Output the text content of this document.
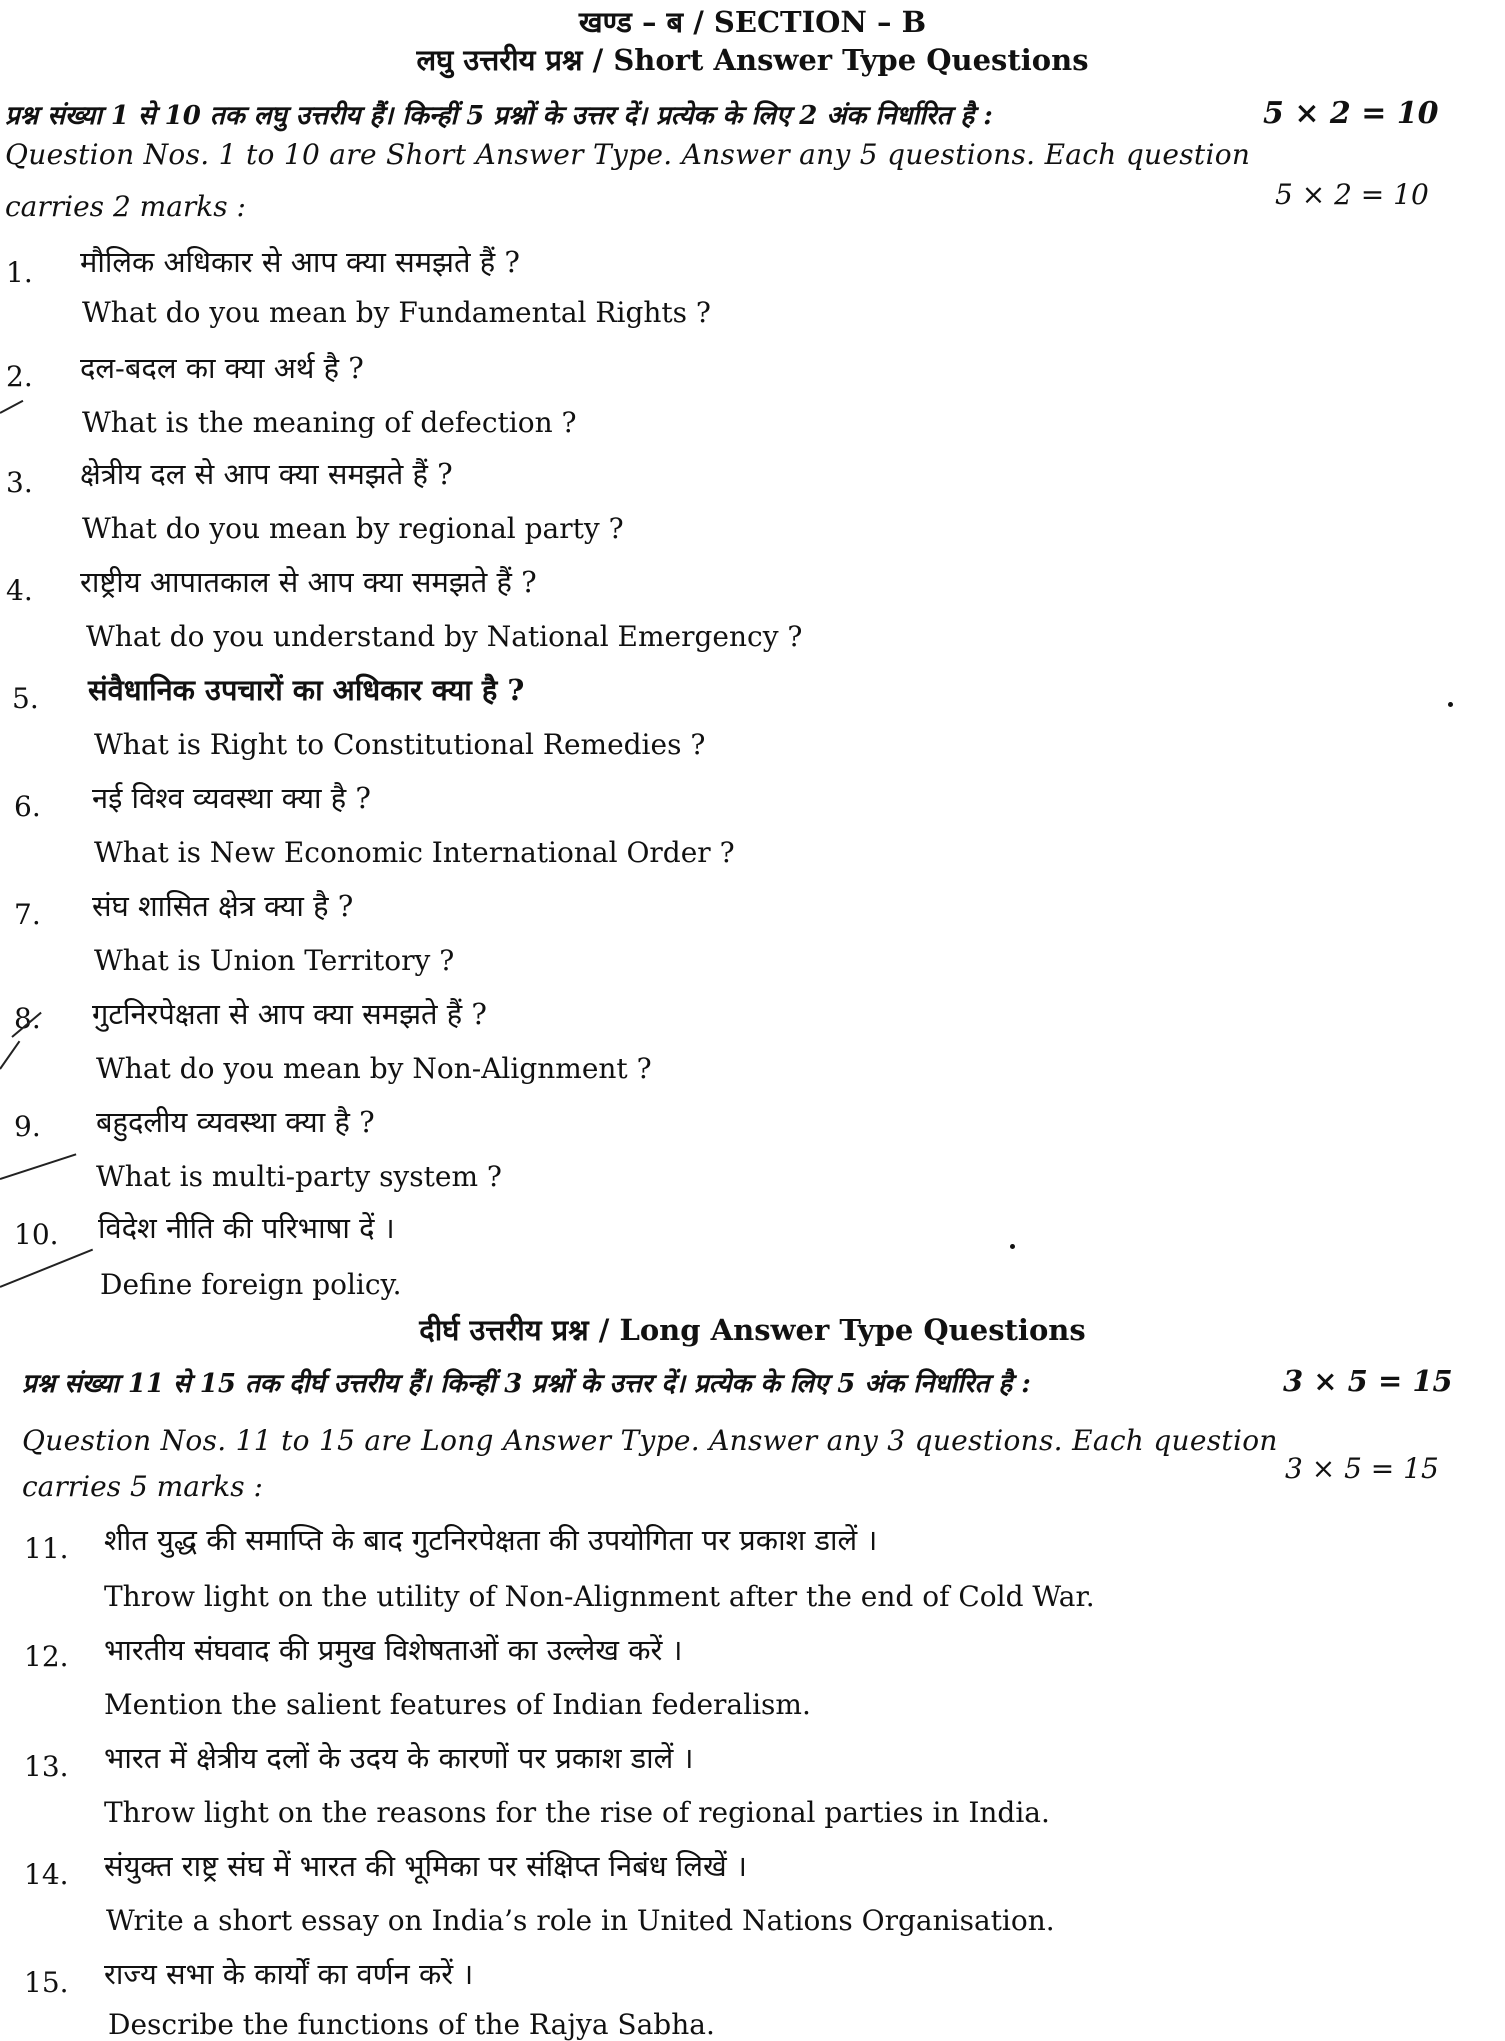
खण्ड – ब / SECTION – B
लघु उत्तरीय प्रश्न / Short Answer Type Questions
प्रश्न संख्या 1 से 10 तक लघु उत्तरीय हैं। किन्हीं 5 प्रश्नों के उत्तर दें। प्रत्येक के लिए 2 अंक निर्धारित है :	5 × 2 = 10
Question Nos. 1 to 10 are Short Answer Type. Answer any 5 questions. Each question
carries 2 marks :	5 × 2 = 10
1. मौलिक अधिकार से आप क्या समझते हैं ?
What do you mean by Fundamental Rights ?
2. दल-बदल का क्या अर्थ है ?
What is the meaning of defection ?
3. क्षेत्रीय दल से आप क्या समझते हैं ?
What do you mean by regional party ?
4. राष्ट्रीय आपातकाल से आप क्या समझते हैं ?
What do you understand by National Emergency ?
5. संवैधानिक उपचारों का अधिकार क्या है ?
What is Right to Constitutional Remedies ?
6. नई विश्व व्यवस्था क्या है ?
What is New Economic International Order ?
7. संघ शासित क्षेत्र क्या है ?
What is Union Territory ?
8. गुटनिरपेक्षता से आप क्या समझते हैं ?
What do you mean by Non-Alignment ?
9. बहुदलीय व्यवस्था क्या है ?
What is multi-party system ?
10. विदेश नीति की परिभाषा दें ।
Define foreign policy.
दीर्घ उत्तरीय प्रश्न / Long Answer Type Questions
प्रश्न संख्या 11 से 15 तक दीर्घ उत्तरीय हैं। किन्हीं 3 प्रश्नों के उत्तर दें। प्रत्येक के लिए 5 अंक निर्धारित है :	3 × 5 = 15
Question Nos. 11 to 15 are Long Answer Type. Answer any 3 questions. Each question
carries 5 marks :
3 × 5 = 15
11. शीत युद्ध की समाप्ति के बाद गुटनिरपेक्षता की उपयोगिता पर प्रकाश डालें ।
Throw light on the utility of Non-Alignment after the end of Cold War.
12. भारतीय संघवाद की प्रमुख विशेषताओं का उल्लेख करें ।
Mention the salient features of Indian federalism.
13. भारत में क्षेत्रीय दलों के उदय के कारणों पर प्रकाश डालें ।
Throw light on the reasons for the rise of regional parties in India.
14. संयुक्त राष्ट्र संघ में भारत की भूमिका पर संक्षिप्त निबंध लिखें ।
Write a short essay on India’s role in United Nations Organisation.
15. राज्य सभा के कार्यों का वर्णन करें ।
Describe the functions of the Rajya Sabha.
